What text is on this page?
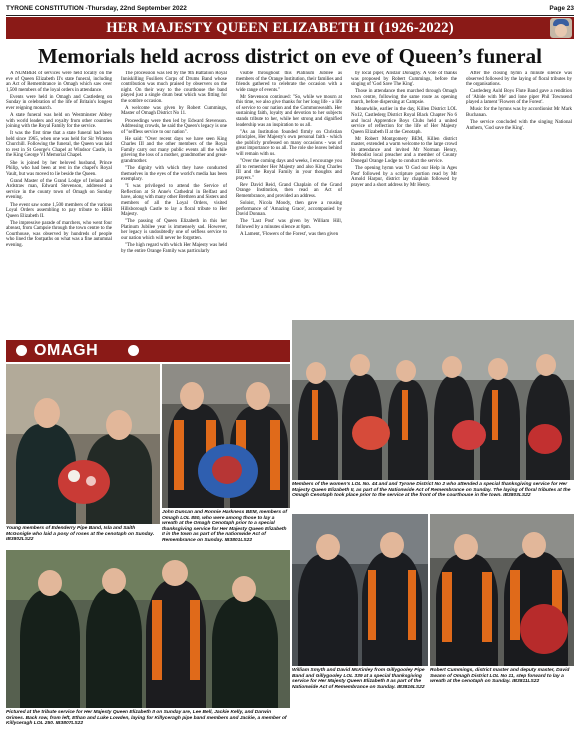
TYRONE CONSTITUTION -Thursday, 22nd September 2022	Page 23
HER MAJESTY QUEEN ELIZABETH II (1926-2022)
Memorials held across district on eve of Queen’s funeral

A NUMBER of services were held locally on the eve of Queen Elizabeth II's state funeral, including an Act of Remembrance in Omagh which saw over 1,500 members of the loyal orders in attendance.

Events were held in Omagh and Castlederg on Sunday in celebration of the life of Britain's longest ever reigning monarch.

A state funeral was held on Westminster Abbey with world leaders and royalty from other countries joining with the Royal Family for the service.

It was the first time that a state funeral had been held since 1965, when one was held for Sir Winston Churchill. Following the funeral, the Queen was laid to rest in St George's Chapel at Windsor Castle, in the King George VI Memorial Chapel.

She is joined by her beloved husband, Prince Philip, who had been at rest in the chapel's Royal Vault, but was moved to lie beside the Queen.

Grand Master of the Grand Lodge of Ireland and Ardstraw man, Edward Stevenson, addressed a service in the county town of Omagh on Sunday evening.

The event saw some 1,500 members of the various Loyal Orders assembling to pay tribute to HRH Queen Elizabeth II.

The impressive parade of marchers, who went four abreast, from Campsie through the town centre to the Courthouse, was observed by hundreds of people who lined the footpaths on what was a fine autumnal evening.

The procession was led by the 9th Battalion Royal Inniskilling Fusiliers Corps of Drums Band whose contribution was much praised by observers on the night. On their way to the courthouse the band played just a single drum beat which was fitting for the sombre occasion.

A welcome was given by Robert Cummings, Master of Omagh District No 11.

Proceedings were then led by Edward Stevenson. Addressing crowds, he said the Queen's legacy is one of "selfless service to our nation".

He said: "Over recent days we have seen King Charles III and the other members of the Royal Family carry out many public events all the while grieving the loss of a mother, grandmother and great-grandmother.

"The dignity with which they have conducted themselves in the eyes of the world's media has been exemplary.

"I was privileged to attend the Service of Reflection at St Anne's Cathedral in Belfast and have, along with many other Brethren and Sisters and members of all the Loyal Orders, visited Hillsborough Castle to lay a floral tribute to Her Majesty.

"The passing of Queen Elizabeth in this her Platinum Jubilee year is immensely sad. However, her legacy is undoubtedly one of selfless service to our nation which will never be forgotten.

"The high regard with which Her Majesty was held by the entire Orange Family was particularly

visible throughout this Platinum Jubilee as members of the Orange Institution, their families and friends gathered to celebrate the occasion with a wide range of events."

Mr Stevenson continued: "So, while we mourn at this time, we also give thanks for her long life - a life of service to our nation and the Commonwealth. Her sustaining faith, loyalty and devotion to her subjects stands tribute to her, while her strong and dignified leadership was an inspiration to us all.

"As an Institution founded firmly on Christian principles, Her Majesty's own personal faith - which she publicly professed on many occasions - was of great importance to us all. The role she leaves behind will remain with us.

"Over the coming days and weeks, I encourage you all to remember Her Majesty and also King Charles III and the Royal Family in your thoughts and prayers."

Rev David Reid, Grand Chaplain of the Grand Orange Institution, then read an Act of Remembrance, and provided an address.

Soloist, Nicola Moody, then gave a rousing performance of 'Amazing Grace', accompanied by David Donnan.

The 'Last Post' was given by William Hill, followed by a minutes silence at 8pm.

A Lament, 'Flowers of the Forest', was then given

by local piper, Alistair Donaghy. A vote of thanks was proposed by Robert Cummings, before the singing of 'God Save The King'.

Those in attendance then marched through Omagh town centre, following the same route as opening march, before dispersing at Campsie.

Meanwhile, earlier in the day, Killen District LOL No12, Castlederg District Royal Black Chapter No 6 and local Apprentice Boys Clubs held a united service of reflection for the life of Her Majesty Queen Elizabeth II at the Cenotaph.

Mr Robert Montgomery BEM, Killen district master, extended a warm welcome to the large crowd in attendance and invited Mr Norman Henry, Methodist local preacher and a member of County Donegal Orange Lodge to conduct the service.

The opening hymn was 'O God our Help in Ages Past' followed by a scripture portion read by Mr Arnold Harpur, district lay chaplain followed by prayer and a short address by Mr Henry.

After the closing hymn a minute silence was observed followed by the laying of floral tributes by the organisations.

Castlederg Auld Boys Flute Band gave a rendition of 'Abide with Me' and lone piper Phil Townsend played a lament 'Flowers of the Forest'.

Music for the hymns was by accordionist Mr Mark Buchanan.

The service concluded with the singing National Anthem, 'God save the King'.

OMAGH
Young members of Edenderry Pipe Band, Isla and Saith McGonigle who laid a posy of roses at the cenotaph on Sunday. IB3802LS22
John Duncan and Ronnie Harkness BEM, members of Omagh LOL 850, who were among those to lay a wreath at the Omagh Cenotaph prior to a special thanksgiving service for Her Majesty Queen Elizabeth II in the town as part of the nationwide Act of Remembrance on Sunday. IB3801LS22
Members of the women's LOL No. 44 and and Tyrone District No 2 who attended a special thanksgiving service for Her Majesty Queen Elizabeth II, as part of the Nationwide Act of Remembrance on Sunday. The laying of floral tributes at the Omagh Cenotaph took place prior to the service at the front of the courthouse in the town. IB3803LS22
Pictured at the tribute service for Her Majesty Queen Elizabeth II on Sunday are, Lee Bell, Jackie Kelly, and Darwin Grimes. Back row, from left, Ethan and Luke Lowden, laying for Killyceragh pipe band members and Jackie, a member of Killyceragh LOL 250. IB3807LS22
William Smyth and David McKinley from Gillygooley Pipe Band and Gillygooley LOL 339 at a special thanksgiving service for Her Majesty Queen Elizabeth II as part of the Nationwide Act of Remembrance on Sunday. IB3816LS22
Robert Cummings, district master and deputy master, David Swann of Omagh District LOL No 11, step forward to lay a wreath at the cenotaph on Sunday. IB3811LS22
